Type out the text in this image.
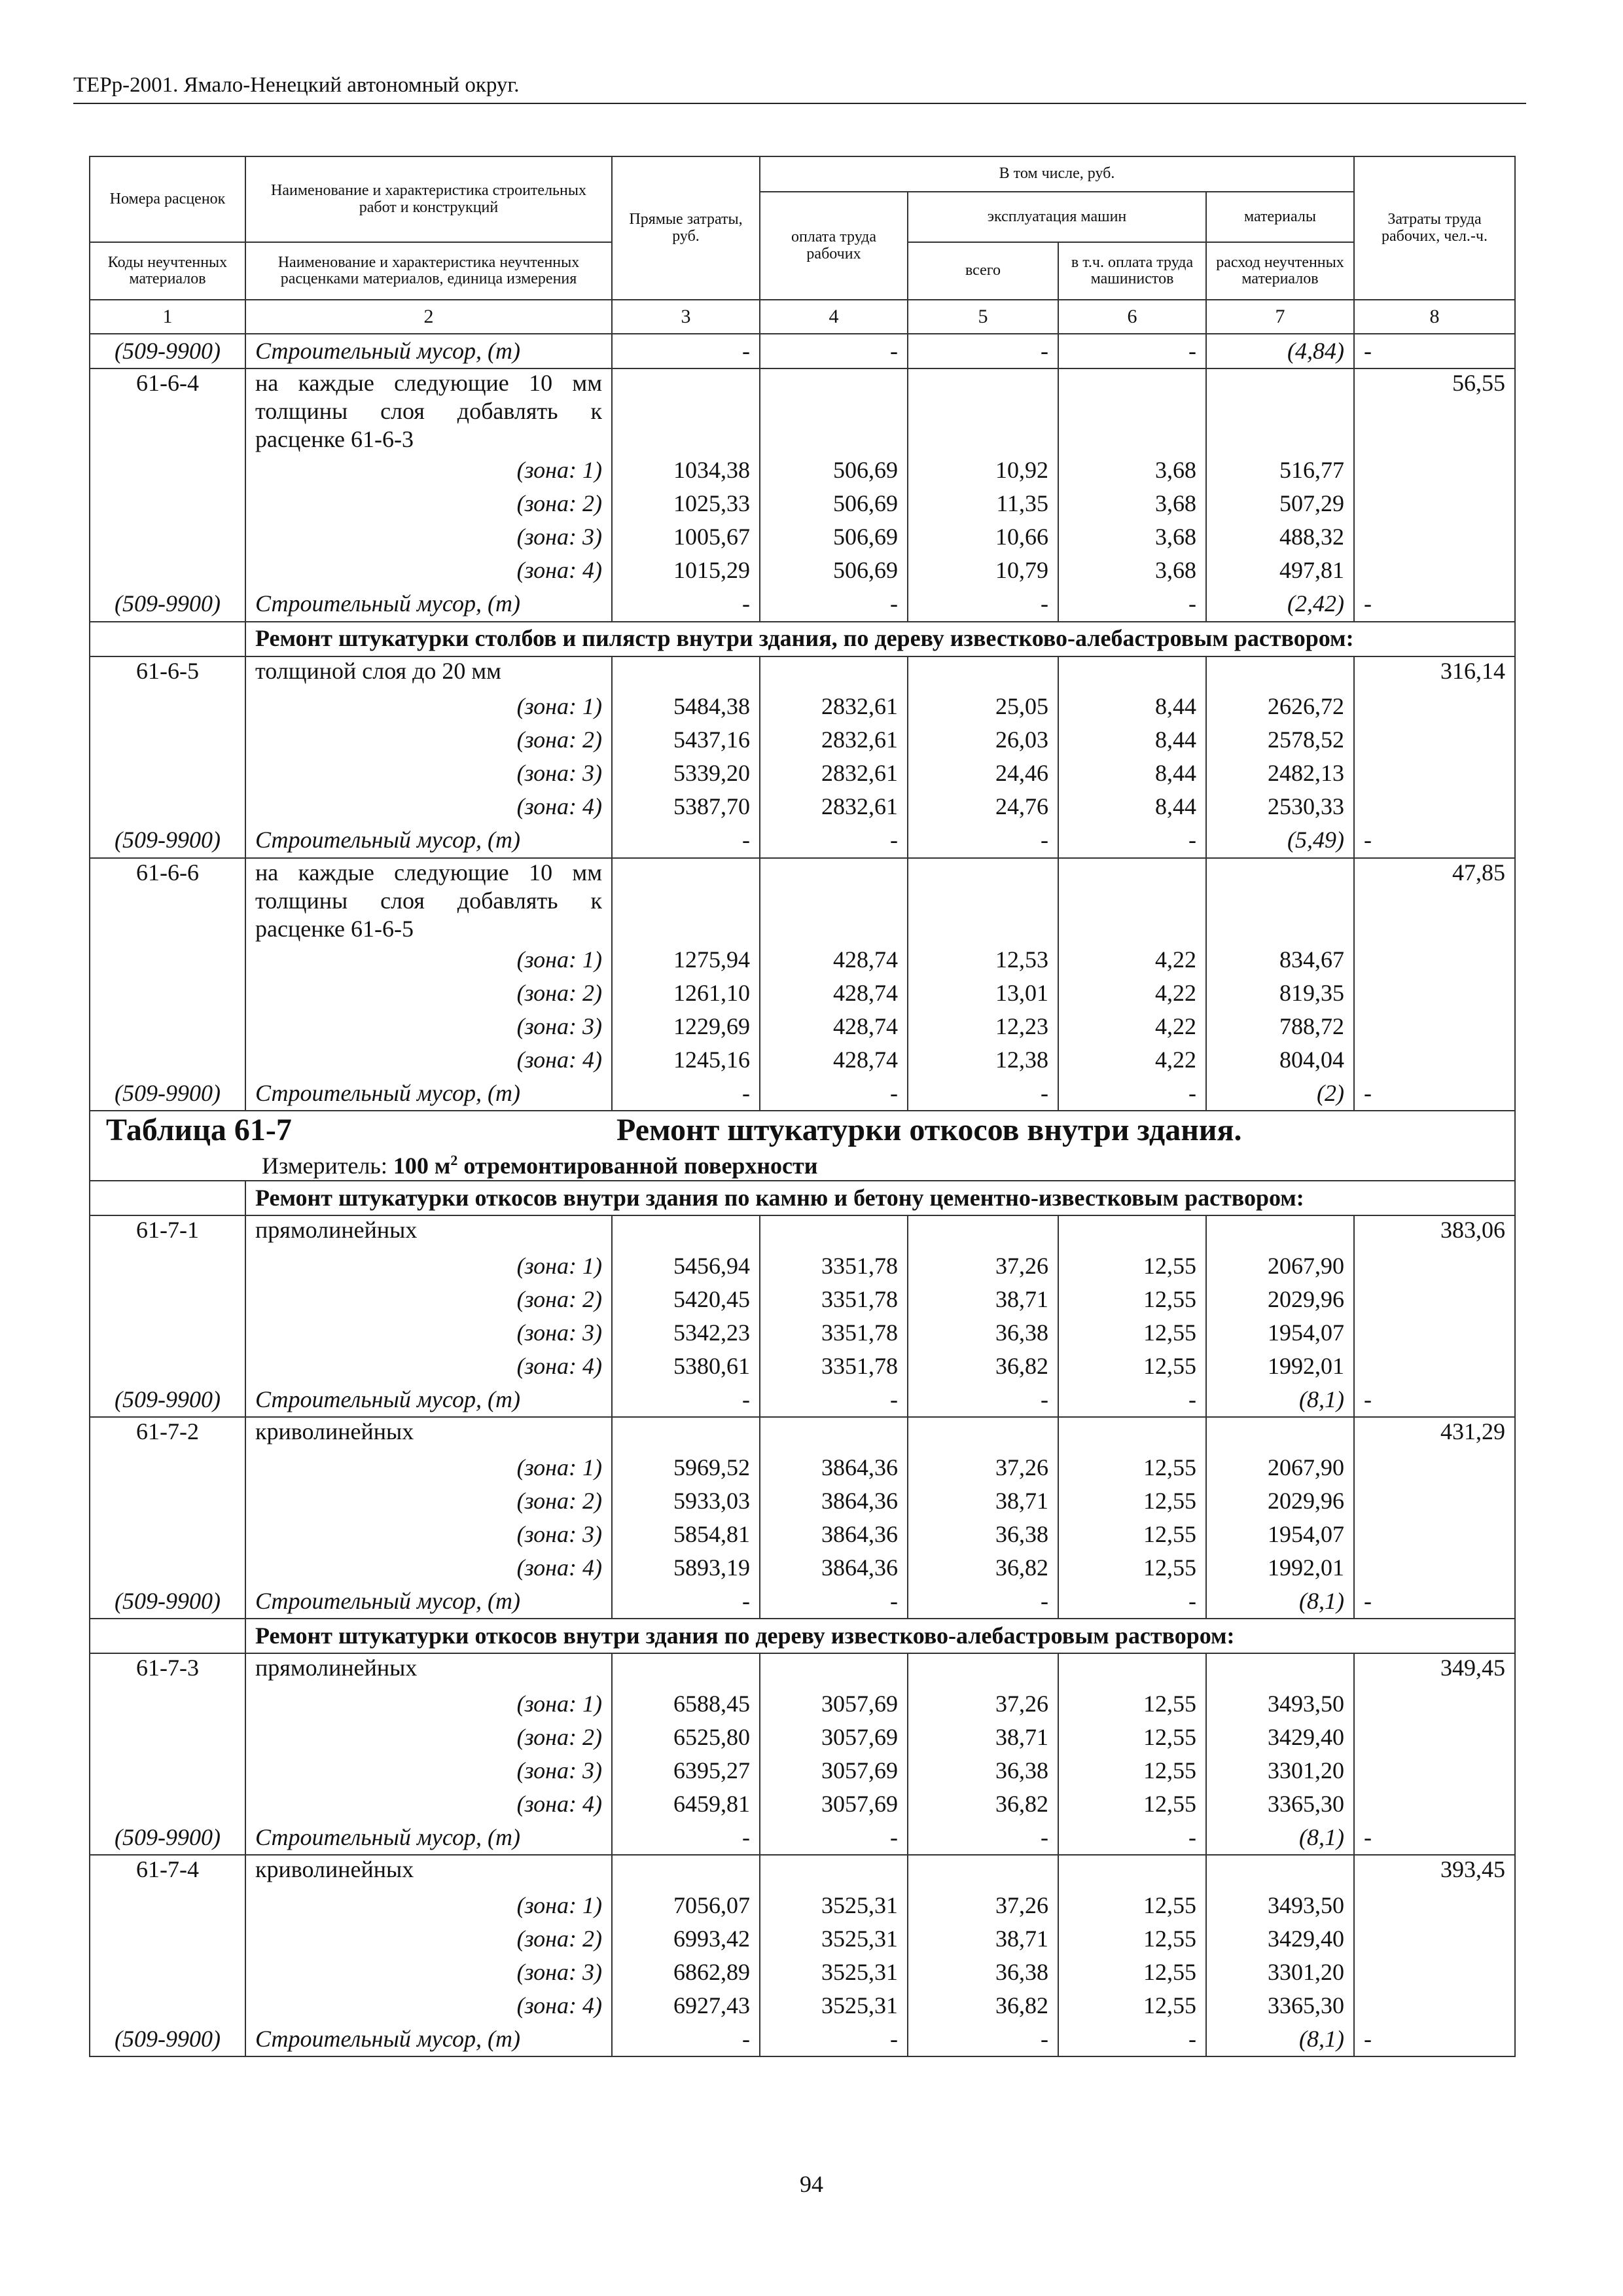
ТЕРр-2001. Ямало-Ненецкий автономный округ.
Номера расценок	Наименование и характеристика строительных работ и конструкций	Прямые затраты, руб.	В том числе, руб.				Затраты труда рабочих, чел.-ч.
			оплата труда рабочих	эксплуатация машин		материалы	
Коды неучтенных материалов	Наименование и характеристика неучтенных расценками материалов, единица измерения			всего	в т.ч. оплата труда машинистов	расход неучтенных материалов	
1	2	3	4	5	6	7	8
(509-9900)	Строительный мусор, (т)	-	-	-	-	(4,84)	-
61-6-4	на каждые следующие 10 мм толщины слоя добавлять к расценке 61-6-3						56,55
	(зона: 1)	1034,38	506,69	10,92	3,68	516,77	
	(зона: 2)	1025,33	506,69	11,35	3,68	507,29	
	(зона: 3)	1005,67	506,69	10,66	3,68	488,32	
	(зона: 4)	1015,29	506,69	10,79	3,68	497,81	
(509-9900)	Строительный мусор, (т)	-	-	-	-	(2,42)	-
	Ремонт штукатурки столбов и пилястр внутри здания, по дереву известково-алебастровым раствором:						
61-6-5	толщиной слоя до 20 мм						316,14
	(зона: 1)	5484,38	2832,61	25,05	8,44	2626,72	
	(зона: 2)	5437,16	2832,61	26,03	8,44	2578,52	
	(зона: 3)	5339,20	2832,61	24,46	8,44	2482,13	
	(зона: 4)	5387,70	2832,61	24,76	8,44	2530,33	
(509-9900)	Строительный мусор, (т)	-	-	-	-	(5,49)	-
61-6-6	на каждые следующие 10 мм толщины слоя добавлять к расценке 61-6-5						47,85
	(зона: 1)	1275,94	428,74	12,53	4,22	834,67	
	(зона: 2)	1261,10	428,74	13,01	4,22	819,35	
	(зона: 3)	1229,69	428,74	12,23	4,22	788,72	
	(зона: 4)	1245,16	428,74	12,38	4,22	804,04	
(509-9900)	Строительный мусор, (т)	-	-	-	-	(2)	-
Таблица 61-7 Ремонт штукатурки откосов внутри здания.
Измеритель: 100 $м^2$ отремонтированной поверхности							

	Ремонт штукатурки откосов внутри здания по камню и бетону цементно-известковым раствором:						
61-7-1	прямолинейных						383,06
	(зона: 1)	5456,94	3351,78	37,26	12,55	2067,90	
	(зона: 2)	5420,45	3351,78	38,71	12,55	2029,96	
	(зона: 3)	5342,23	3351,78	36,38	12,55	1954,07	
	(зона: 4)	5380,61	3351,78	36,82	12,55	1992,01	
(509-9900)	Строительный мусор, (т)	-	-	-	-	(8,1)	-
61-7-2	криволинейных						431,29
	(зона: 1)	5969,52	3864,36	37,26	12,55	2067,90	
	(зона: 2)	5933,03	3864,36	38,71	12,55	2029,96	
	(зона: 3)	5854,81	3864,36	36,38	12,55	1954,07	
	(зона: 4)	5893,19	3864,36	36,82	12,55	1992,01	
(509-9900)	Строительный мусор, (т)	-	-	-	-	(8,1)	-
	Ремонт штукатурки откосов внутри здания по дереву известково-алебастровым раствором:						
61-7-3	прямолинейных						349,45
	(зона: 1)	6588,45	3057,69	37,26	12,55	3493,50	
	(зона: 2)	6525,80	3057,69	38,71	12,55	3429,40	
	(зона: 3)	6395,27	3057,69	36,38	12,55	3301,20	
	(зона: 4)	6459,81	3057,69	36,82	12,55	3365,30	
(509-9900)	Строительный мусор, (т)	-	-	-	-	(8,1)	-
61-7-4	криволинейных						393,45
	(зона: 1)	7056,07	3525,31	37,26	12,55	3493,50	
	(зона: 2)	6993,42	3525,31	38,71	12,55	3429,40	
	(зона: 3)	6862,89	3525,31	36,38	12,55	3301,20	
	(зона: 4)	6927,43	3525,31	36,82	12,55	3365,30	
(509-9900)	Строительный мусор, (т)	-	-	-	-	(8,1)	-
94
